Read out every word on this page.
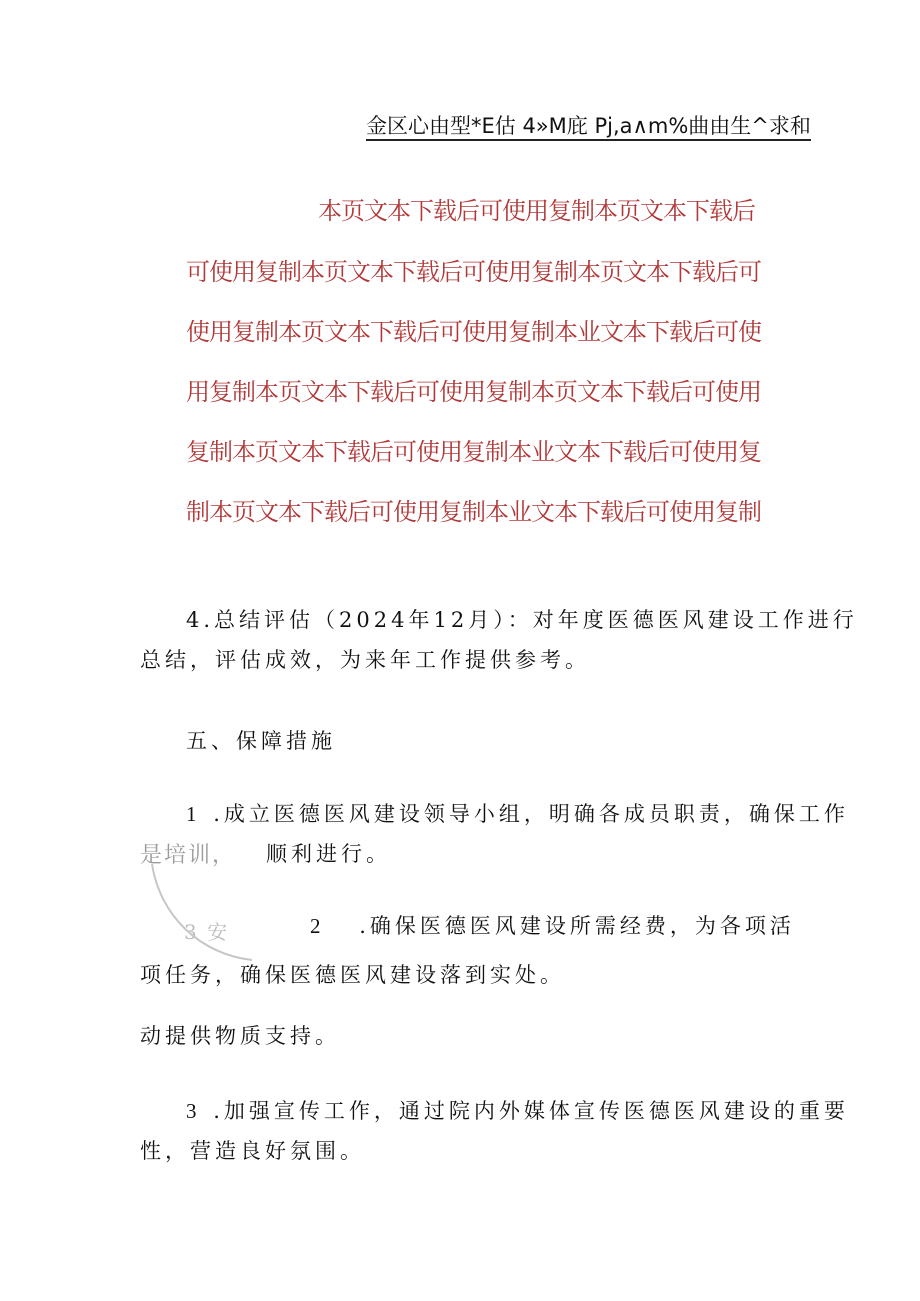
金区心由型*E估 4»M庇 Pj,a∧m%曲由生^求和
本页文本下载后可使用复制本页文本下载后
可使用复制本页文本下载后可使用复制本页文本下载后可
使用复制本页文本下载后可使用复制本业文本下载后可使
用复制本页文本下载后可使用复制本页文本下载后可使用
复制本页文本下载后可使用复制本业文本下载后可使用复
制本页文本下载后可使用复制本业文本下载后可使用复制
4.总结评估（2024年12月）：对年度医德医风建设工作进行
总结，评估成效，为来年工作提供参考。
五、保障措施
1 .成立医德医风建设领导小组，明确各成员职责，确保工作
顺利进行。
是培训，
3 安	2 .确保医德医风建设所需经费，为各项活
项任务，确保医德医风建设落到实处。
动提供物质支持。
3 .加强宣传工作，通过院内外媒体宣传医德医风建设的重要
性，营造良好氛围。
